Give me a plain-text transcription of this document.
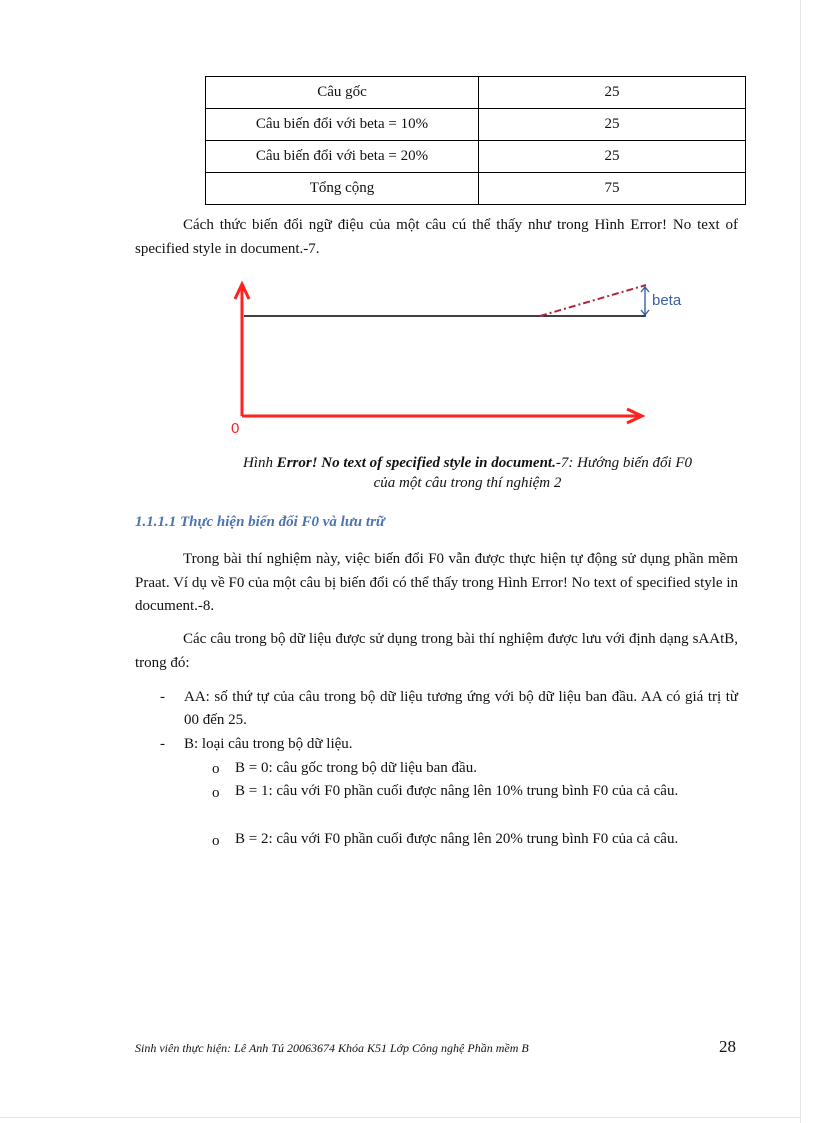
Câu gốc	25
Câu biến đổi với beta = 10%	25
Câu biến đổi với beta = 20%	25
Tổng cộng	75
Cách thức biến đổi ngữ điệu của một câu cú thể thấy như trong Hình Error! No text of specified style in document.-7.
beta
0
Hình Error! No text of specified style in document.-7: Hướng biến đổi F0
của một câu trong thí nghiệm 2
1.1.1.1 Thực hiện biến đổi F0 và lưu trữ
Trong bài thí nghiệm này, việc biến đổi F0 vẫn được thực hiện tự động sử dụng phần mềm Praat. Ví dụ về F0 của một câu bị biến đổi có thể thấy trong Hình Error! No text of specified style in document.-8.
Các câu trong bộ dữ liệu được sử dụng trong bài thí nghiệm được lưu với định dạng sAAtB, trong đó:
- AA: số thứ tự của câu trong bộ dữ liệu tương ứng với bộ dữ liệu ban đầu. AA có giá trị từ 00 đến 25.
- B: loại câu trong bộ dữ liệu.
o B = 0: câu gốc trong bộ dữ liệu ban đầu.
o B = 1: câu với F0 phần cuối được nâng lên 10% trung bình F0 của cả câu.
o B = 2: câu với F0 phần cuối được nâng lên 20% trung bình F0 của cả câu.
Sinh viên thực hiện: Lê Anh Tú 20063674 Khóa K51 Lớp Công nghệ Phần mềm B	28
